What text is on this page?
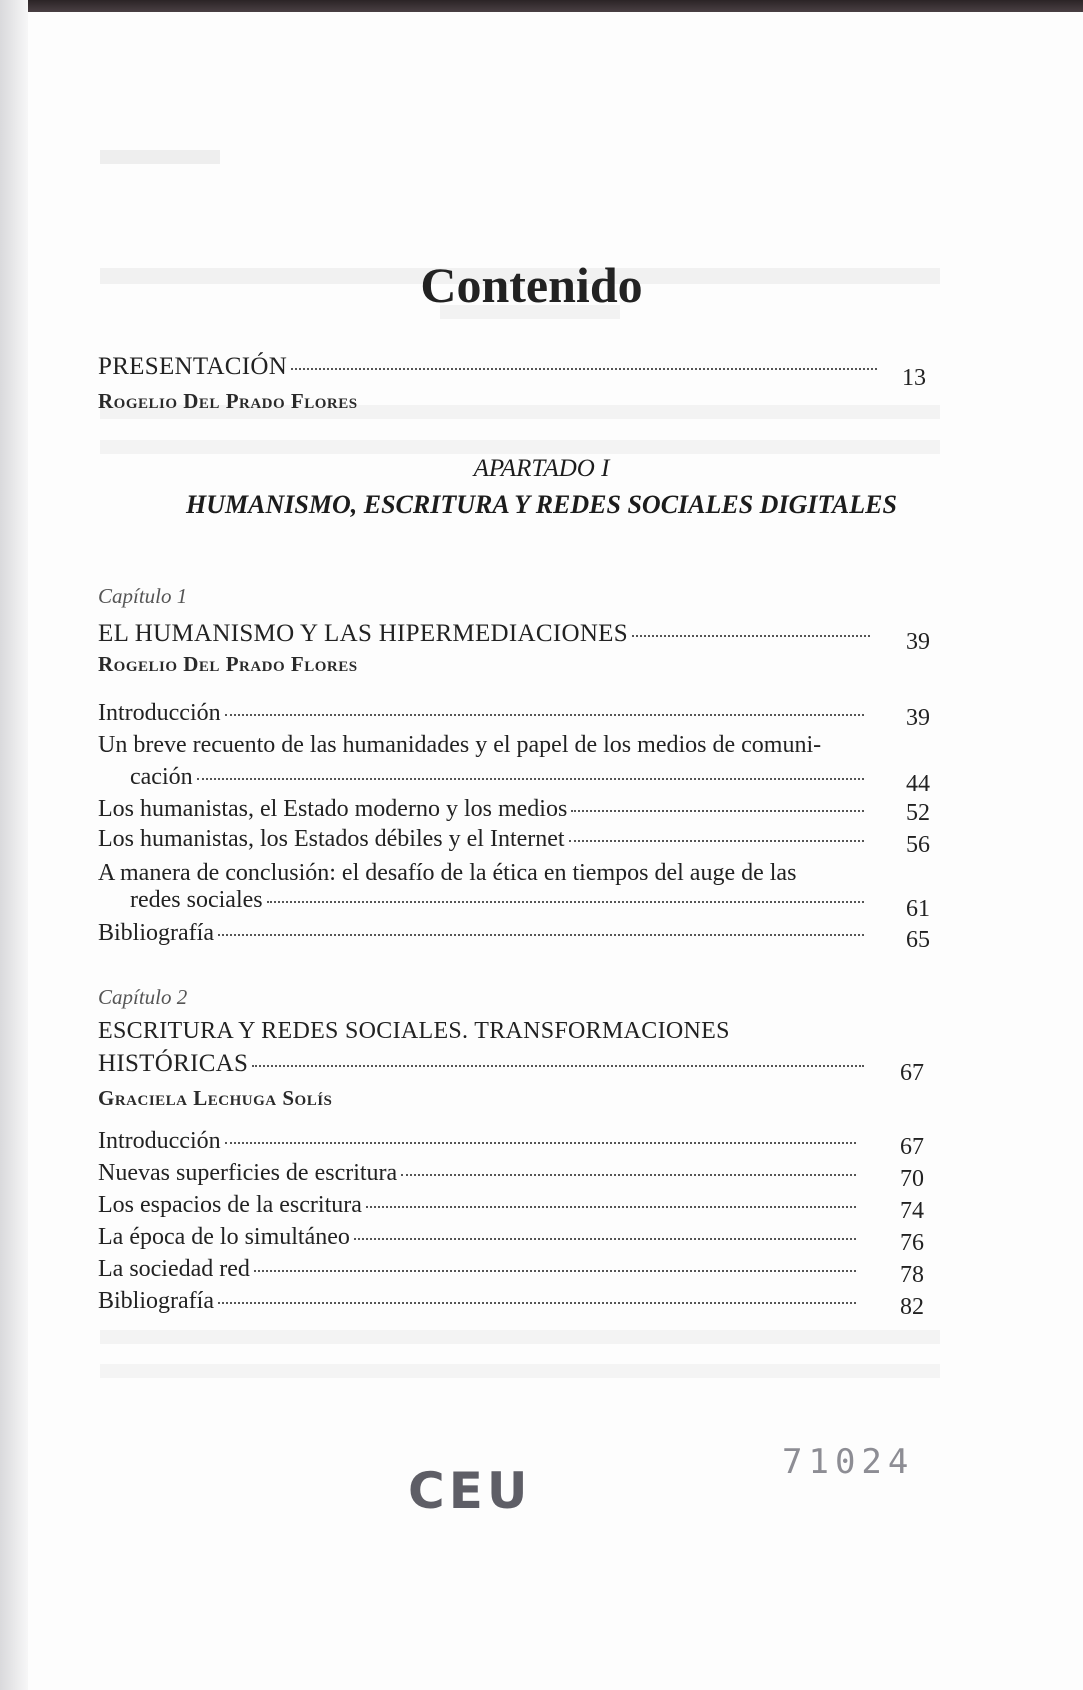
Contenido
PRESENTACIÓN	13
Rogelio Del Prado Flores
APARTADO I
HUMANISMO, ESCRITURA Y REDES SOCIALES DIGITALES
Capítulo 1
EL HUMANISMO Y LAS HIPERMEDIACIONES	39
Rogelio Del Prado Flores
Introducción	39
Un breve recuento de las humanidades y el papel de los medios de comuni-
cación	44
Los humanistas, el Estado moderno y los medios	52
Los humanistas, los Estados débiles y el Internet	56
A manera de conclusión: el desafío de la ética en tiempos del auge de las
redes sociales	61
Bibliografía	65
Capítulo 2
ESCRITURA Y REDES SOCIALES. TRANSFORMACIONES
HISTÓRICAS	67
Graciela Lechuga Solís
Introducción	67
Nuevas superficies de escritura	70
Los espacios de la escritura	74
La época de lo simultáneo	76
La sociedad red	78
Bibliografía	82
CEU	71024
